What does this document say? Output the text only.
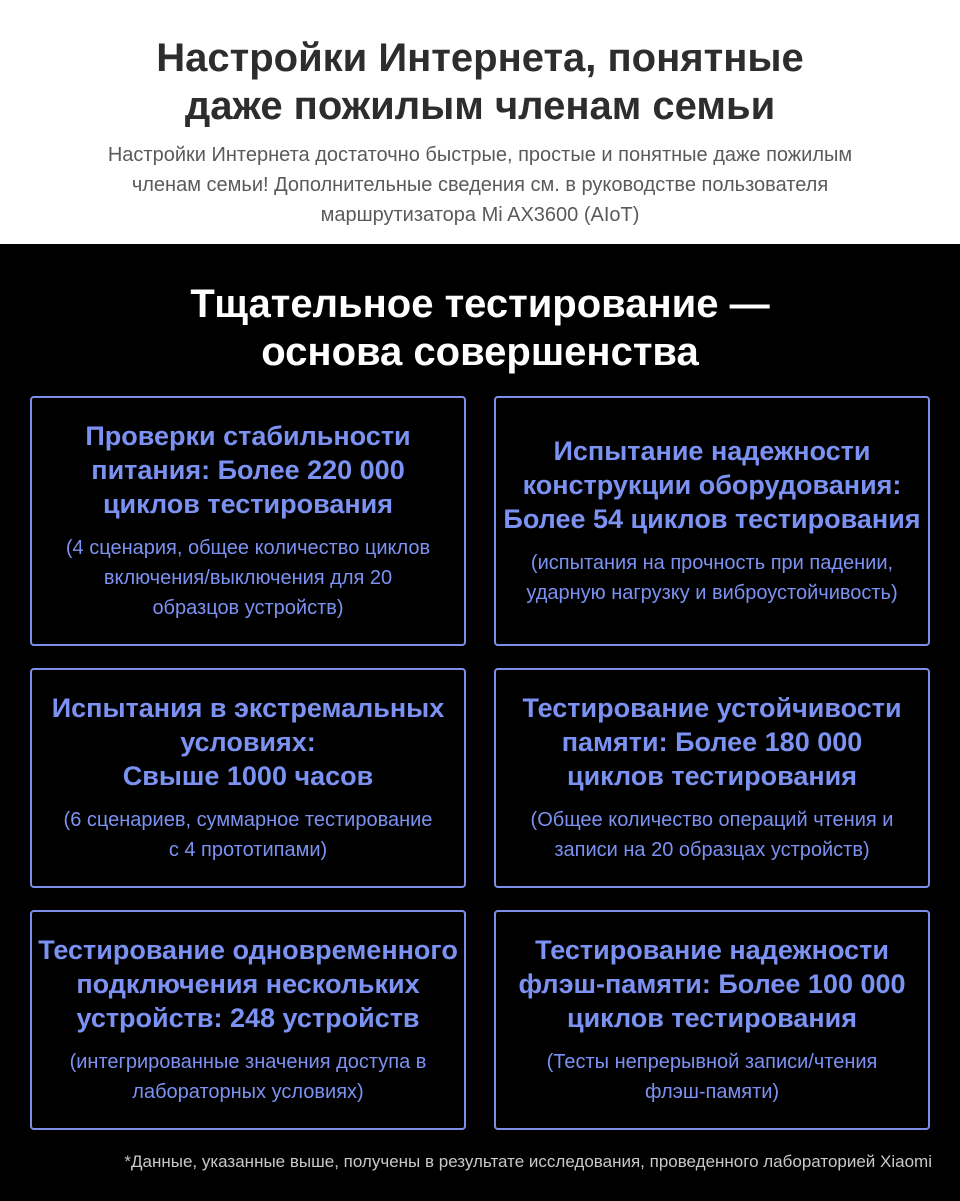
Настройки Интернета, понятные
даже пожилым членам семьи

Настройки Интернета достаточно быстрые, простые и понятные даже пожилым
членам семьи! Дополнительные сведения см. в руководстве пользователя
маршрутизатора Mi AX3600 (AIoT)

Тщательное тестирование —
основа совершенства
Проверки стабильности
питания: Более 220 000
циклов тестирования
(4 сценария, общее количество циклов
включения/выключения для 20
образцов устройств)
Испытание надежности
конструкции оборудования:
Более 54 циклов тестирования
(испытания на прочность при падении,
ударную нагрузку и виброустойчивость)
Испытания в экстремальных
условиях:
Свыше 1000 часов
(6 сценариев, суммарное тестирование
с 4 прототипами)
Тестирование устойчивости
памяти: Более 180 000
циклов тестирования
(Общее количество операций чтения и
записи на 20 образцах устройств)
Тестирование одновременного
подключения нескольких
устройств: 248 устройств
(интегрированные значения доступа в
лабораторных условиях)
Тестирование надежности
флэш-памяти: Более 100 000
циклов тестирования
(Тесты непрерывной записи/чтения
флэш-памяти)
*Данные, указанные выше, получены в результате исследования, проведенного лабораторией Xiaomi
